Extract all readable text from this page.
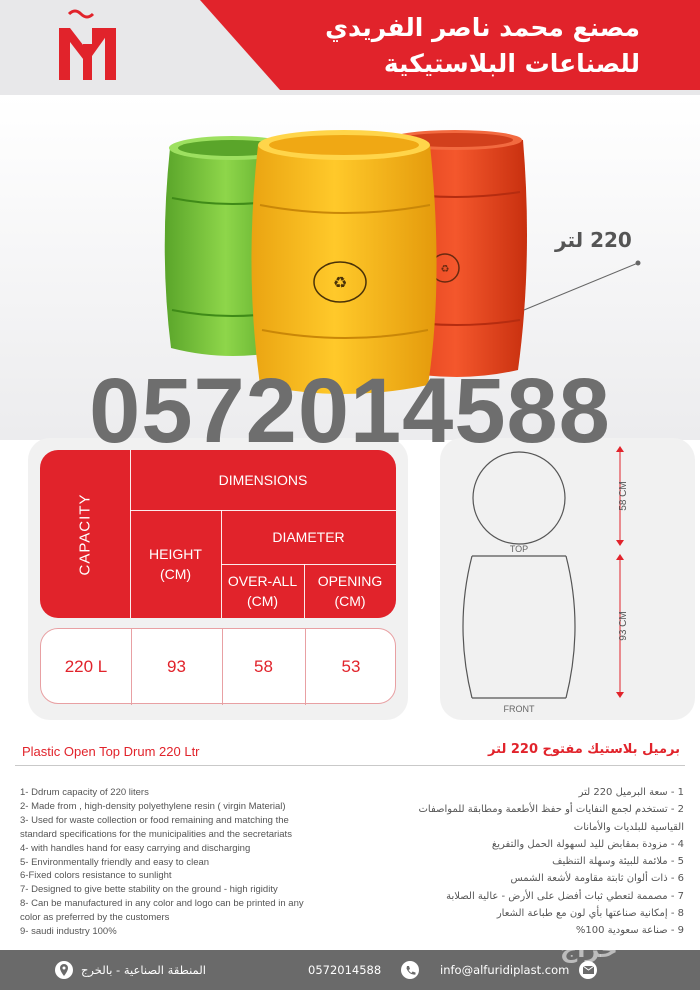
مصنع محمد ناصر الفريدي
للصناعات البلاستيكية
♻
♻
220 لتر
CAPACITY
DIMENSIONS
HEIGHT
(CM)
DIAMETER
OVER-ALL
(CM)
OPENING
(CM)
220 L	93	58	53
TOP
58 CM
FRONT
93 CM
0572014588
Plastic Open Top Drum 220 Ltr	برميل بلاستيك مفتوح 220 لتر
1- Ddrum capacity of 220 liters
2- Made from , high-density polyethylene resin ( virgin Material)
3- Used for waste collection or food remaining and matching the
standard specifications for the municipalities and the secretariats
4- with handles hand for easy carrying and discharging
5- Environmentally friendly and easy to clean
6-Fixed colors resistance to sunlight
7- Designed to give bette stability on the ground - high rigidity
8- Can be manufactured in any color and logo can be printed in any
color as preferred by the customers
9- saudi industry 100%
1 - سعة البرميل 220 لتر
2 - تستخدم لجمع النفايات أو حفظ الأطعمة ومطابقة للمواصفات
القياسية للبلديات والأمانات
4 - مزودة بمقابض لليد لسهولة الحمل والتفريغ
5 - ملائمة للبيئة وسهلة التنظيف
6 - ذات ألوان ثابتة مقاومة لأشعة الشمس
7 - مصممة لتعطي ثبات أفضل على الأرض - عالية الصلابة
8 - إمكانية صناعتها بأي لون مع طباعة الشعار
9 - صناعة سعودية 100%
المنطقة الصناعية - بالخرج	0572014588	info@alfuridiplast.com
حراج
